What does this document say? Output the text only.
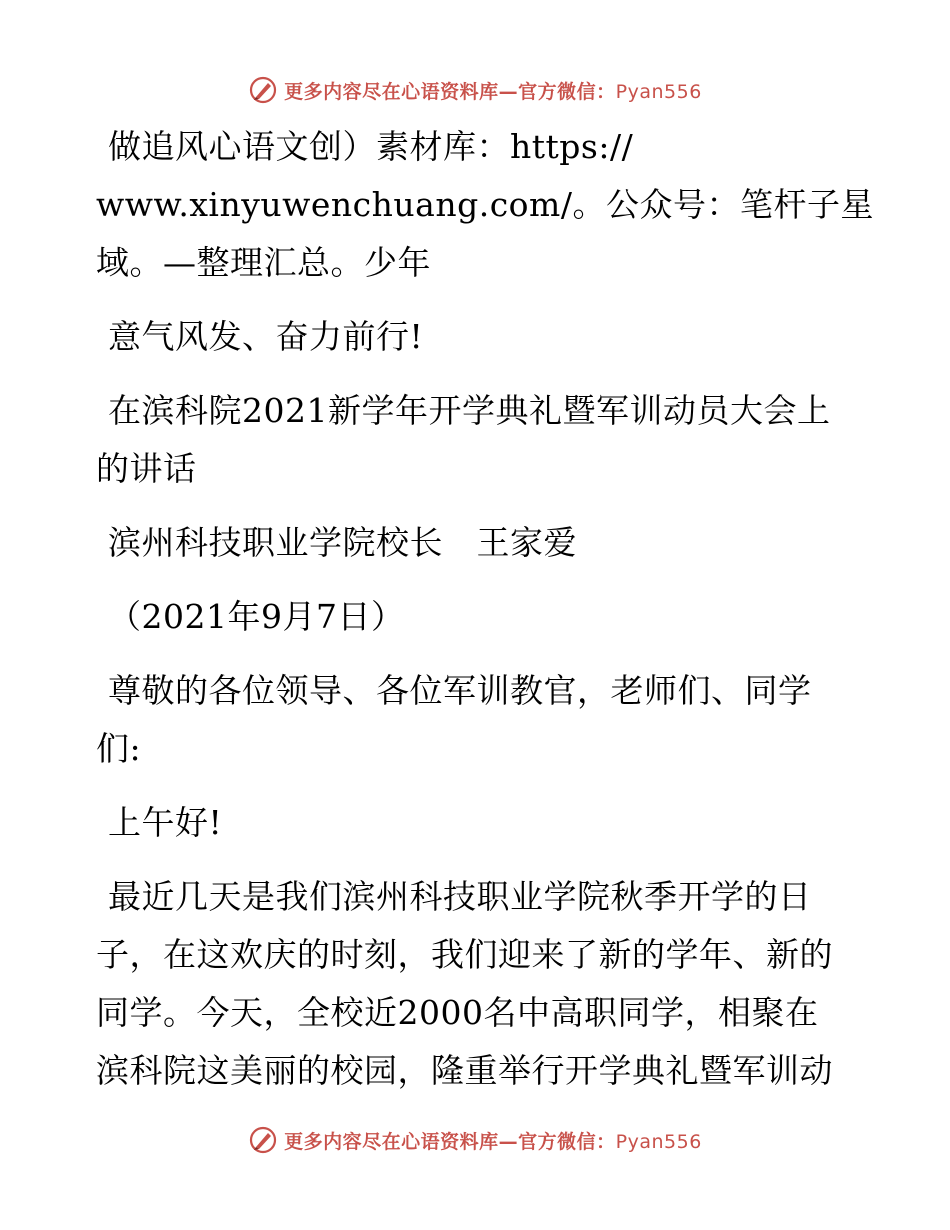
更多内容尽在心语资料库—官方微信：Pyan556
做追风心语文创）素材库：https://
www.xinyuwenchuang.com/。公众号：笔杆子星
域。—整理汇总。少年
意气风发、奋力前行!
在滨科院2021新学年开学典礼暨军训动员大会上
的讲话
滨州科技职业学院校长　王家爱
（2021年9月7日）
尊敬的各位领导、各位军训教官，老师们、同学
们:
上午好!
最近几天是我们滨州科技职业学院秋季开学的日
子，在这欢庆的时刻，我们迎来了新的学年、新的
同学。今天，全校近2000名中高职同学，相聚在
滨科院这美丽的校园，隆重举行开学典礼暨军训动
更多内容尽在心语资料库—官方微信：Pyan556
